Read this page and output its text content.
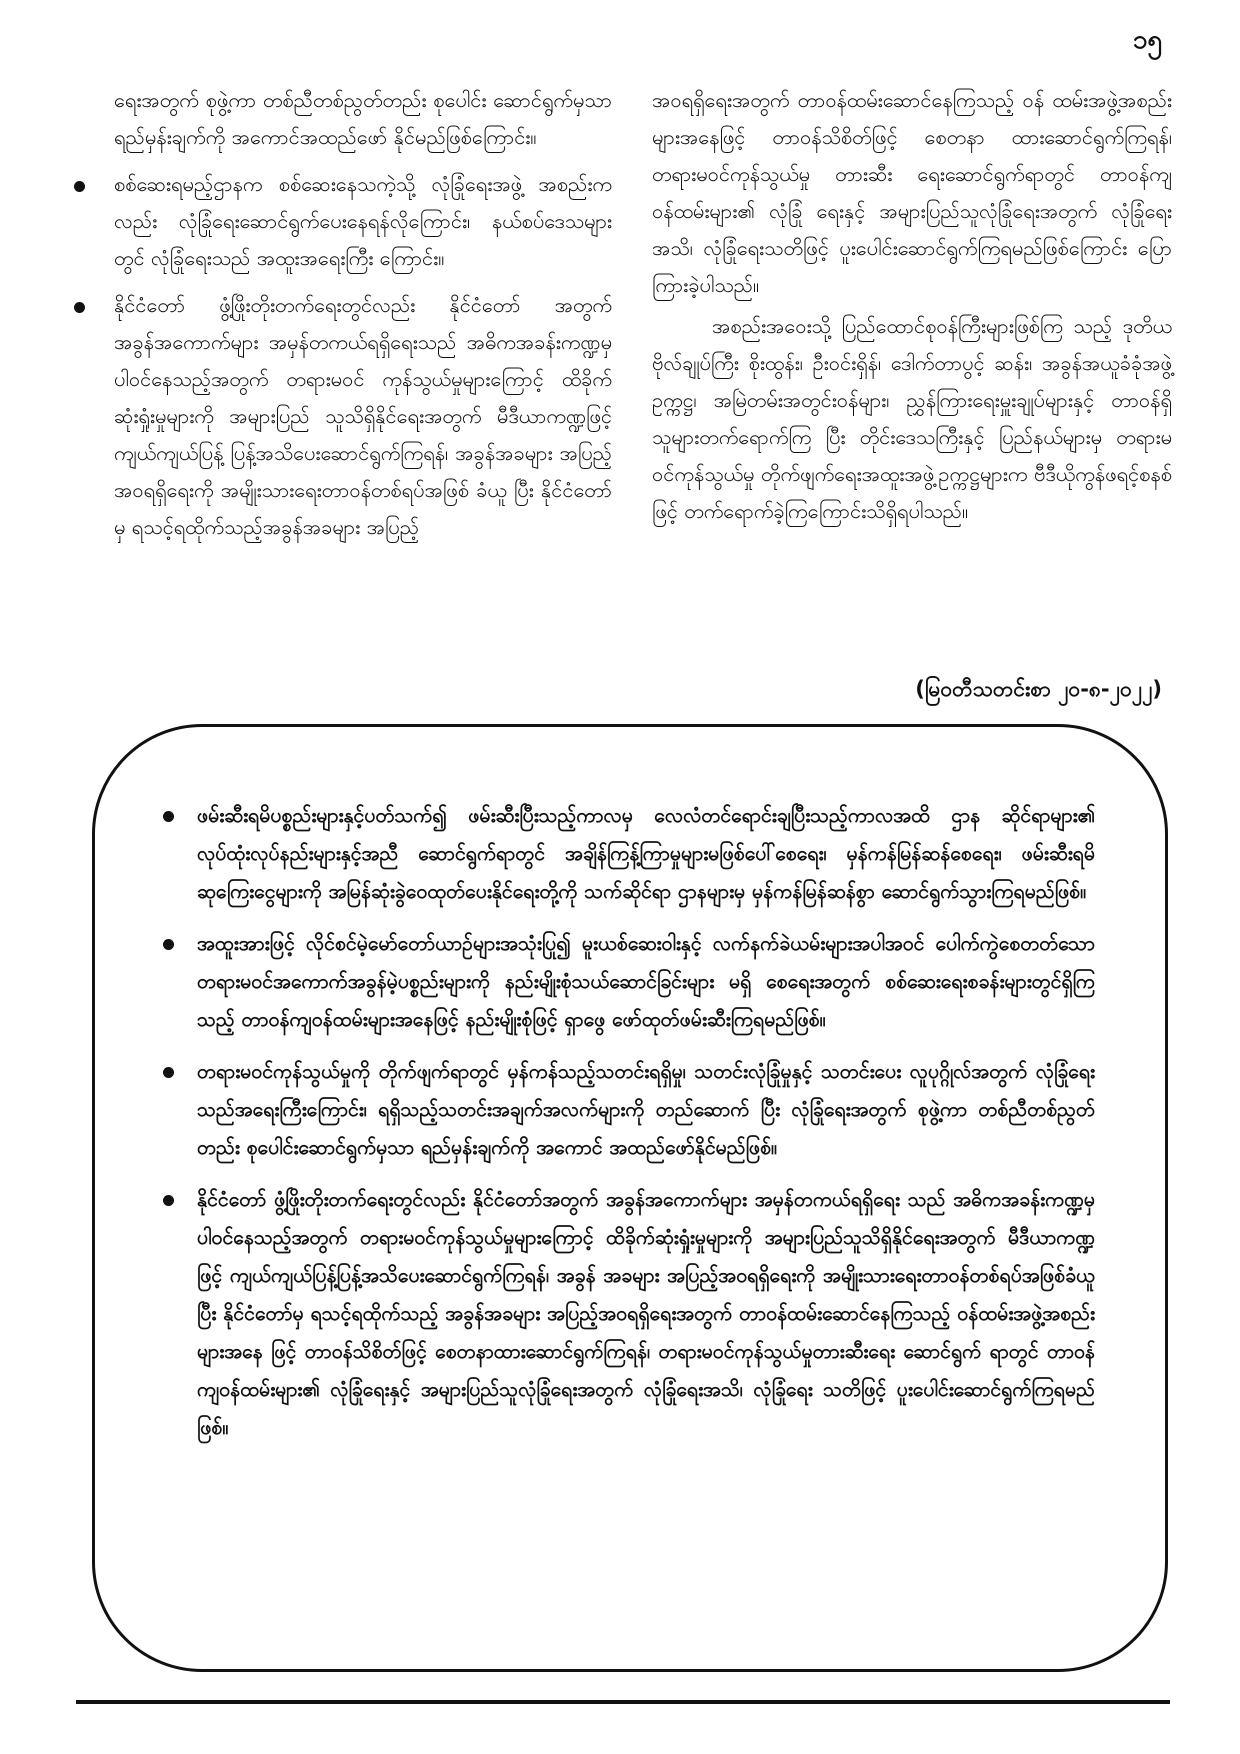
၁၅

ရေးအတွက် စုဖွဲ့ကာ တစ်ညီတစ်ညွတ်တည်း စုပေါင်း ဆောင်ရွက်မှသာ ရည်မှန်းချက်ကို အကောင်အထည်ဖော် နိုင်မည်ဖြစ်ကြောင်း။

စစ်ဆေးရမည့်ဌာနက စစ်ဆေးနေသကဲ့သို့ လုံခြုံရေးအဖွဲ့ အစည်းကလည်း လုံခြုံရေးဆောင်ရွက်ပေးနေရန်လိုကြောင်း၊ နယ်စပ်ဒေသများတွင် လုံခြုံရေးသည် အထူးအရေးကြီး ကြောင်း။
နိုင်ငံတော် ဖွံ့ဖြိုးတိုးတက်ရေးတွင်လည်း နိုင်ငံတော် အတွက် အခွန်အကောက်များ အမှန်တကယ်ရရှိရေးသည် အဓိကအခန်းကဏ္ဍမှ ပါဝင်နေသည့်အတွက် တရားမဝင် ကုန်သွယ်မှုများကြောင့် ထိခိုက်ဆုံးရှုံးမှုများကို အများပြည် သူသိရှိနိုင်ရေးအတွက် မီဒီယာကဏ္ဍဖြင့် ကျယ်ကျယ်ပြန့် ပြန့်အသိပေးဆောင်ရွက်ကြရန်၊ အခွန်အခများ အပြည့် အဝရရှိရေးကို အမျိုးသားရေးတာဝန်တစ်ရပ်အဖြစ် ခံယူ ပြီး နိုင်ငံတော်မှ ရသင့်ရထိုက်သည့်အခွန်အခများ အပြည့်

အဝရရှိရေးအတွက် တာဝန်ထမ်းဆောင်နေကြသည့် ဝန် ထမ်းအဖွဲ့အစည်းများအနေဖြင့် တာဝန်သိစိတ်ဖြင့် စေတနာ ထားဆောင်ရွက်ကြရန်၊ တရားမဝင်ကုန်သွယ်မှု တားဆီး ရေးဆောင်ရွက်ရာတွင် တာဝန်ကျဝန်ထမ်းများ၏ လုံခြုံ ရေးနှင့် အများပြည်သူလုံခြုံရေးအတွက် လုံခြုံရေးအသိ၊ လုံခြုံရေးသတိဖြင့် ပူးပေါင်းဆောင်ရွက်ကြရမည်ဖြစ်ကြောင်း ပြောကြားခဲ့ပါသည်။

အစည်းအဝေးသို့ ပြည်ထောင်စုဝန်ကြီးများဖြစ်ကြ သည့် ဒုတိယဗိုလ်ချုပ်ကြီး စိုးထွန်း၊ ဦးဝင်းရှိန်၊ ဒေါက်တာပွင့် ဆန်း၊ အခွန်အယူခံခုံအဖွဲ့ဥက္ကဋ္ဌ၊ အမြဲတမ်းအတွင်းဝန်များ၊ ညွှန်ကြားရေးမှူးချုပ်များနှင့် တာဝန်ရှိသူများတက်ရောက်ကြ ပြီး တိုင်းဒေသကြီးနှင့် ပြည်နယ်များမှ တရားမဝင်ကုန်သွယ်မှု တိုက်ဖျက်ရေးအထူးအဖွဲ့ဥက္ကဋ္ဌများက ဗီဒီယိုကွန်ဖရင့်စနစ်ဖြင့် တက်ရောက်ခဲ့ကြကြောင်းသိရှိရပါသည်။

(မြဝတီသတင်းစာ ၂၀-၈-၂၀၂၂)
ဖမ်းဆီးရမိပစ္စည်းများနှင့်ပတ်သက်၍ ဖမ်းဆီးပြီးသည့်ကာလမှ လေလံတင်ရောင်းချပြီးသည့်ကာလအထိ ဌာန ဆိုင်ရာများ၏ လုပ်ထုံးလုပ်နည်းများနှင့်အညီ ဆောင်ရွက်ရာတွင် အချိန်ကြန့်ကြာမှုများမဖြစ်ပေါ်စေရေး၊ မှန်ကန်မြန်ဆန်စေရေး၊ ဖမ်းဆီးရမိဆုကြေးငွေများကို အမြန်ဆုံးခွဲဝေထုတ်ပေးနိုင်ရေးတို့ကို သက်ဆိုင်ရာ ဌာနများမှ မှန်ကန်မြန်ဆန်စွာ ဆောင်ရွက်သွားကြရမည်ဖြစ်။
အထူးအားဖြင့် လိုင်စင်မဲ့မော်တော်ယာဉ်များအသုံးပြု၍ မူးယစ်ဆေးဝါးနှင့် လက်နက်ခဲယမ်းများအပါအဝင် ပေါက်ကွဲစေတတ်သော တရားမဝင်အကောက်အခွန်မဲ့ပစ္စည်းများကို နည်းမျိုးစုံသယ်ဆောင်ခြင်းများ မရှိ စေရေးအတွက် စစ်ဆေးရေးစခန်းများတွင်ရှိကြသည့် တာဝန်ကျဝန်ထမ်းများအနေဖြင့် နည်းမျိုးစုံဖြင့် ရှာဖွေ ဖော်ထုတ်ဖမ်းဆီးကြရမည်ဖြစ်။
တရားမဝင်ကုန်သွယ်မှုကို တိုက်ဖျက်ရာတွင် မှန်ကန်သည့်သတင်းရရှိမှု၊ သတင်းလုံခြုံမှုနှင့် သတင်းပေး လူပုဂ္ဂိုလ်အတွက် လုံခြုံရေးသည်အရေးကြီးကြောင်း၊ ရရှိသည့်သတင်းအချက်အလက်များကို တည်ဆောက် ပြီး လုံခြုံရေးအတွက် စုဖွဲ့ကာ တစ်ညီတစ်ညွတ်တည်း စုပေါင်းဆောင်ရွက်မှသာ ရည်မှန်းချက်ကို အကောင် အထည်ဖော်နိုင်မည်ဖြစ်။
နိုင်ငံတော် ဖွံ့ဖြိုးတိုးတက်ရေးတွင်လည်း နိုင်ငံတော်အတွက် အခွန်အကောက်များ အမှန်တကယ်ရရှိရေး သည် အဓိကအခန်းကဏ္ဍမှ ပါဝင်နေသည့်အတွက် တရားမဝင်ကုန်သွယ်မှုများကြောင့် ထိခိုက်ဆုံးရှုံးမှုများကို အများပြည်သူသိရှိနိုင်ရေးအတွက် မီဒီယာကဏ္ဍဖြင့် ကျယ်ကျယ်ပြန့်ပြန့်အသိပေးဆောင်ရွက်ကြရန်၊ အခွန် အခများ အပြည့်အဝရရှိရေးကို အမျိုးသားရေးတာဝန်တစ်ရပ်အဖြစ်ခံယူပြီး နိုင်ငံတော်မှ ရသင့်ရထိုက်သည့် အခွန်အခများ အပြည့်အဝရရှိရေးအတွက် တာဝန်ထမ်းဆောင်နေကြသည့် ဝန်ထမ်းအဖွဲ့အစည်းများအနေ ဖြင့် တာဝန်သိစိတ်ဖြင့် စေတနာထားဆောင်ရွက်ကြရန်၊ တရားမဝင်ကုန်သွယ်မှုတားဆီးရေး ဆောင်ရွက် ရာတွင် တာဝန်ကျဝန်ထမ်းများ၏ လုံခြုံရေးနှင့် အများပြည်သူလုံခြုံရေးအတွက် လုံခြုံရေးအသိ၊ လုံခြုံရေး သတိဖြင့် ပူးပေါင်းဆောင်ရွက်ကြရမည်ဖြစ်။
